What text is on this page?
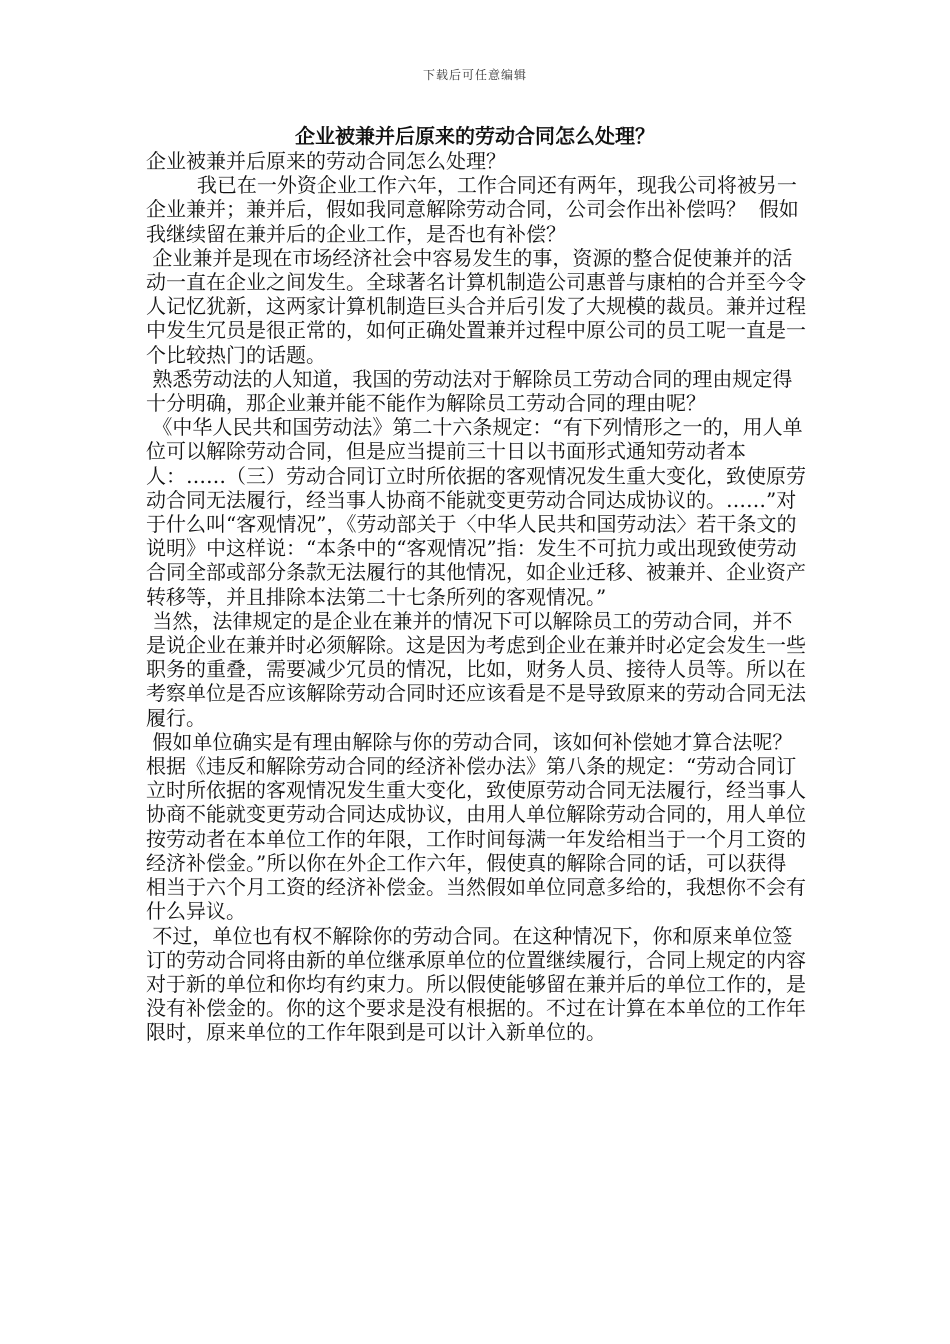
下载后可任意编辑
企业被兼并后原来的劳动合同怎么处理？

企业被兼并后原来的劳动合同怎么处理？

我已在一外资企业工作六年，工作合同还有两年，现我公司将被另一企业兼并；兼并后，假如我同意解除劳动合同，公司会作出补偿吗？  假如我继续留在兼并后的企业工作，是否也有补偿？

企业兼并是现在市场经济社会中容易发生的事，资源的整合促使兼并的活动一直在企业之间发生。全球著名计算机制造公司惠普与康柏的合并至今令人记忆犹新，这两家计算机制造巨头合并后引发了大规模的裁员。兼并过程中发生冗员是很正常的，如何正确处置兼并过程中原公司的员工呢一直是一个比较热门的话题。

熟悉劳动法的人知道，我国的劳动法对于解除员工劳动合同的理由规定得十分明确，那企业兼并能不能作为解除员工劳动合同的理由呢？

《中华人民共和国劳动法》第二十六条规定：“有下列情形之一的，用人单位可以解除劳动合同，但是应当提前三十日以书面形式通知劳动者本人：……（三）劳动合同订立时所依据的客观情况发生重大变化，致使原劳动合同无法履行，经当事人协商不能就变更劳动合同达成协议的。……”对于什么叫“客观情况”，《劳动部关于〈中华人民共和国劳动法〉若干条文的说明》中这样说：“本条中的“客观情况”指：发生不可抗力或出现致使劳动合同全部或部分条款无法履行的其他情况，如企业迁移、被兼并、企业资产转移等，并且排除本法第二十七条所列的客观情况。”

当然，法律规定的是企业在兼并的情况下可以解除员工的劳动合同，并不是说企业在兼并时必须解除。这是因为考虑到企业在兼并时必定会发生一些职务的重叠，需要减少冗员的情况，比如，财务人员、接待人员等。所以在考察单位是否应该解除劳动合同时还应该看是不是导致原来的劳动合同无法履行。

假如单位确实是有理由解除与你的劳动合同，该如何补偿她才算合法呢？根据《违反和解除劳动合同的经济补偿办法》第八条的规定：“劳动合同订立时所依据的客观情况发生重大变化，致使原劳动合同无法履行，经当事人协商不能就变更劳动合同达成协议，由用人单位解除劳动合同的，用人单位按劳动者在本单位工作的年限，工作时间每满一年发给相当于一个月工资的经济补偿金。”所以你在外企工作六年，假使真的解除合同的话，可以获得相当于六个月工资的经济补偿金。当然假如单位同意多给的，我想你不会有什么异议。

不过，单位也有权不解除你的劳动合同。在这种情况下，你和原来单位签订的劳动合同将由新的单位继承原单位的位置继续履行，合同上规定的内容对于新的单位和你均有约束力。所以假使能够留在兼并后的单位工作的，是没有补偿金的。你的这个要求是没有根据的。不过在计算在本单位的工作年限时，原来单位的工作年限到是可以计入新单位的。
